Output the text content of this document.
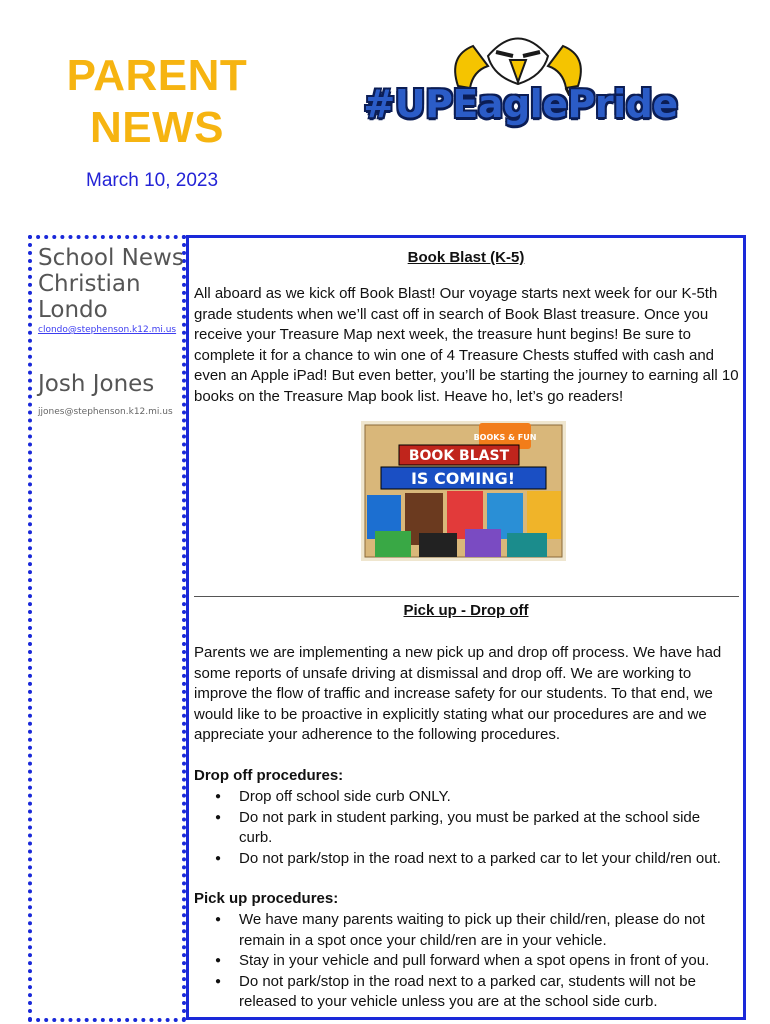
PARENT
NEWS
March 10, 2023
#UPEaglePride
School News
Christian Londo
clondo@stephenson.k12.mi.us
Josh Jones
jjones@stephenson.k12.mi.us
Book Blast (K-5)
All aboard as we kick off Book Blast! Our voyage starts next week for our K-5th grade students when we’ll cast off in search of Book Blast treasure. Once you receive your Treasure Map next week, the treasure hunt begins! Be sure to complete it for a chance to win one of 4 Treasure Chests stuffed with cash and even an Apple iPad! But even better, you’ll be starting the journey to earning all 10 books on the Treasure Map book list. Heave ho, let’s go readers!
BOOKS & FUN
BOOK BLAST
IS COMING!
Pick up - Drop off
Parents we are implementing a new pick up and drop off process. We have had some reports of unsafe driving at dismissal and drop off. We are working to improve the flow of traffic and increase safety for our students. To that end, we would like to be proactive in explicitly stating what our procedures are and we appreciate your adherence to the following procedures.
Drop off procedures:
● Drop off school side curb ONLY.
● Do not park in student parking, you must be parked at the school side curb.
● Do not park/stop in the road next to a parked car to let your child/ren out.
Pick up procedures:
● We have many parents waiting to pick up their child/ren, please do not remain in a spot once your child/ren are in your vehicle.
● Stay in your vehicle and pull forward when a spot opens in front of you.
● Do not park/stop in the road next to a parked car, students will not be released to your vehicle unless you are at the school side curb.
